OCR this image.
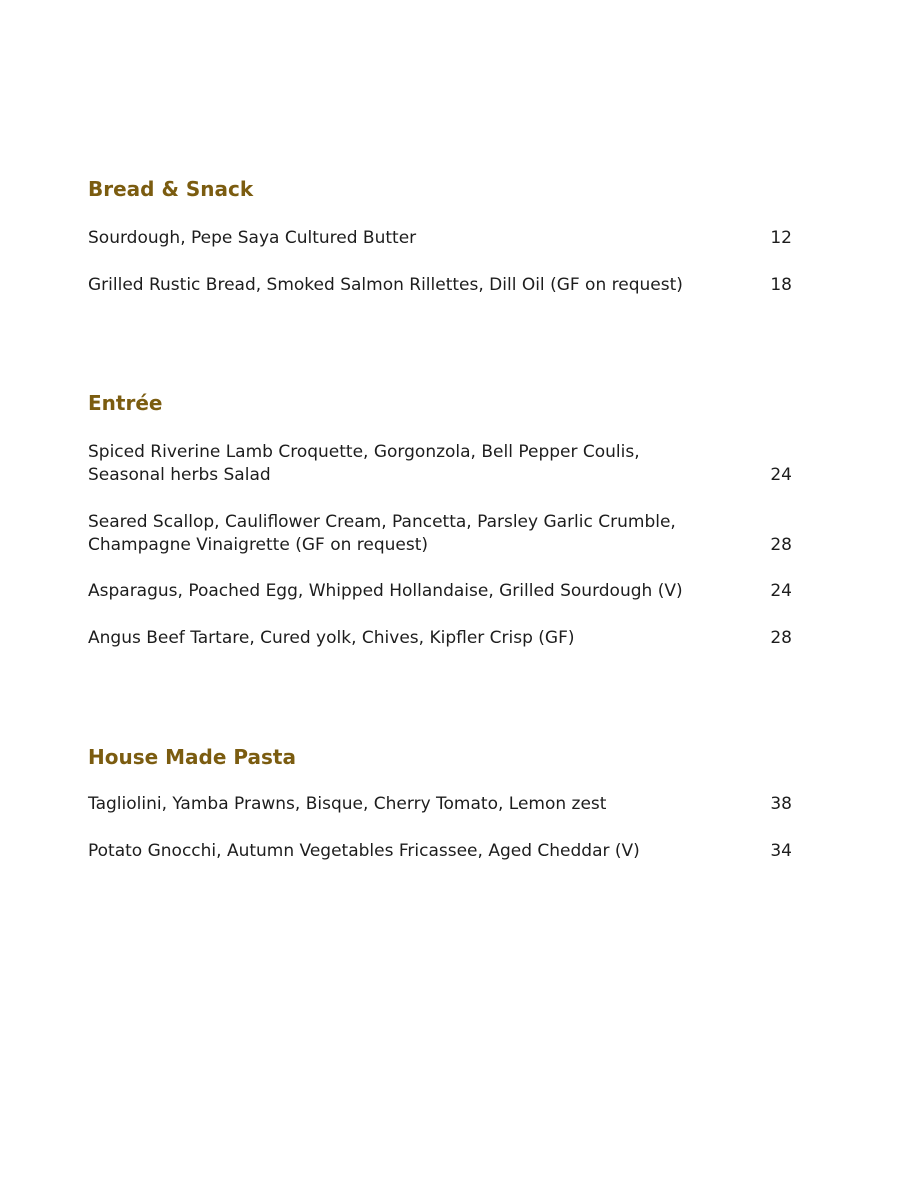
Bread & Snack
Sourdough, Pepe Saya Cultured Butter	12
Grilled Rustic Bread, Smoked Salmon Rillettes, Dill Oil (GF on request)	18
Entrée
Spiced Riverine Lamb Croquette, Gorgonzola, Bell Pepper Coulis,
Seasonal herbs Salad	24
Seared Scallop, Cauliflower Cream, Pancetta, Parsley Garlic Crumble,
Champagne Vinaigrette (GF on request)	28
Asparagus, Poached Egg, Whipped Hollandaise, Grilled Sourdough (V)	24
Angus Beef Tartare, Cured yolk, Chives, Kipfler Crisp (GF)	28
House Made Pasta
Tagliolini, Yamba Prawns, Bisque, Cherry Tomato, Lemon zest	38
Potato Gnocchi, Autumn Vegetables Fricassee, Aged Cheddar (V)	34
